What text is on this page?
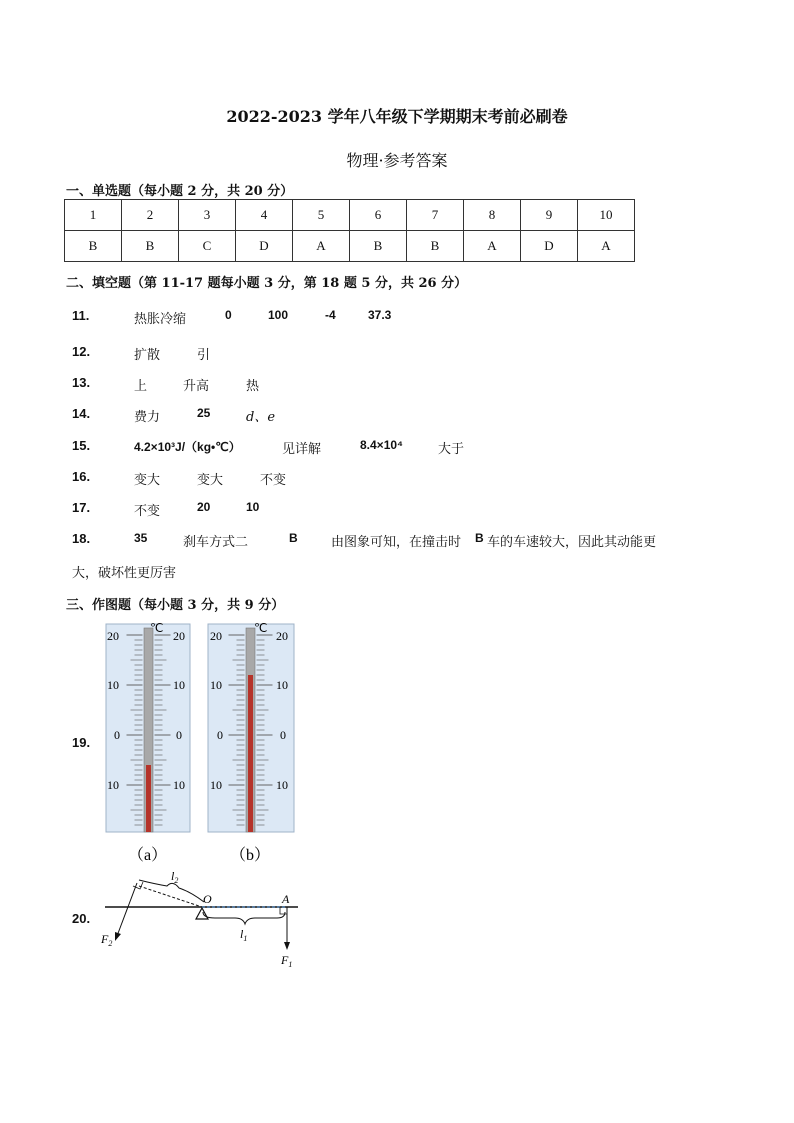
2022-2023 学年八年级下学期期末考前必刷卷
物理·参考答案
一、单选题（每小题 2 分，共 20 分）
1	2	3	4	5	6	7	8	9	10
B	B	C	D	A	B	B	A	D	A
二、填空题（第 11-17 题每小题 3 分，第 18 题 5 分，共 26 分）
11.	热胀冷缩	0	100	-4	37.3
12.	扩散	引
13.	上	升高	热
14.	费力	25	d、e
15.	4.2×10³J/（kg•℃）	见详解	8.4×10⁴	大于
16.	变大	变大	不变
17.	不变	20	10
18.	35	刹车方式二	B	由图象可知，在撞击时 B 车的车速较大，因此其动能更
大，破坏性更厉害
三、作图题（每小题 3 分，共 9 分）
19.
℃
20	20
10	10
0	0
10	10
℃
20	20
10	10
0	0
10	10
（a）	（b）
20.
$l_2$
O
$l_1$
A
$F_2$
$F_1$
